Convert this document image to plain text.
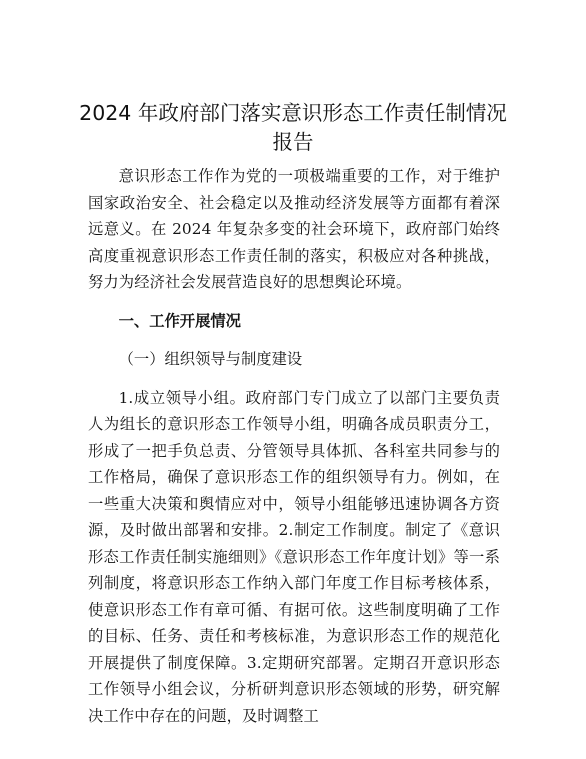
2024 年政府部门落实意识形态工作责任制情况
报告

意识形态工作作为党的一项极端重要的工作，对于维护国家政治安全、社会稳定以及推动经济发展等方面都有着深远意义。在 2024 年复杂多变的社会环境下，政府部门始终高度重视意识形态工作责任制的落实，积极应对各种挑战，努力为经济社会发展营造良好的思想舆论环境。

一、工作开展情况

（一）组织领导与制度建设

1.成立领导小组。政府部门专门成立了以部门主要负责人为组长的意识形态工作领导小组，明确各成员职责分工，形成了一把手负总责、分管领导具体抓、各科室共同参与的工作格局，确保了意识形态工作的组织领导有力。例如，在一些重大决策和舆情应对中，领导小组能够迅速协调各方资源，及时做出部署和安排。2.制定工作制度。制定了《意识形态工作责任制实施细则》《意识形态工作年度计划》等一系列制度，将意识形态工作纳入部门年度工作目标考核体系，使意识形态工作有章可循、有据可依。这些制度明确了工作的目标、任务、责任和考核标准，为意识形态工作的规范化开展提供了制度保障。3.定期研究部署。定期召开意识形态工作领导小组会议，分析研判意识形态领域的形势，研究解决工作中存在的问题，及时调整工
